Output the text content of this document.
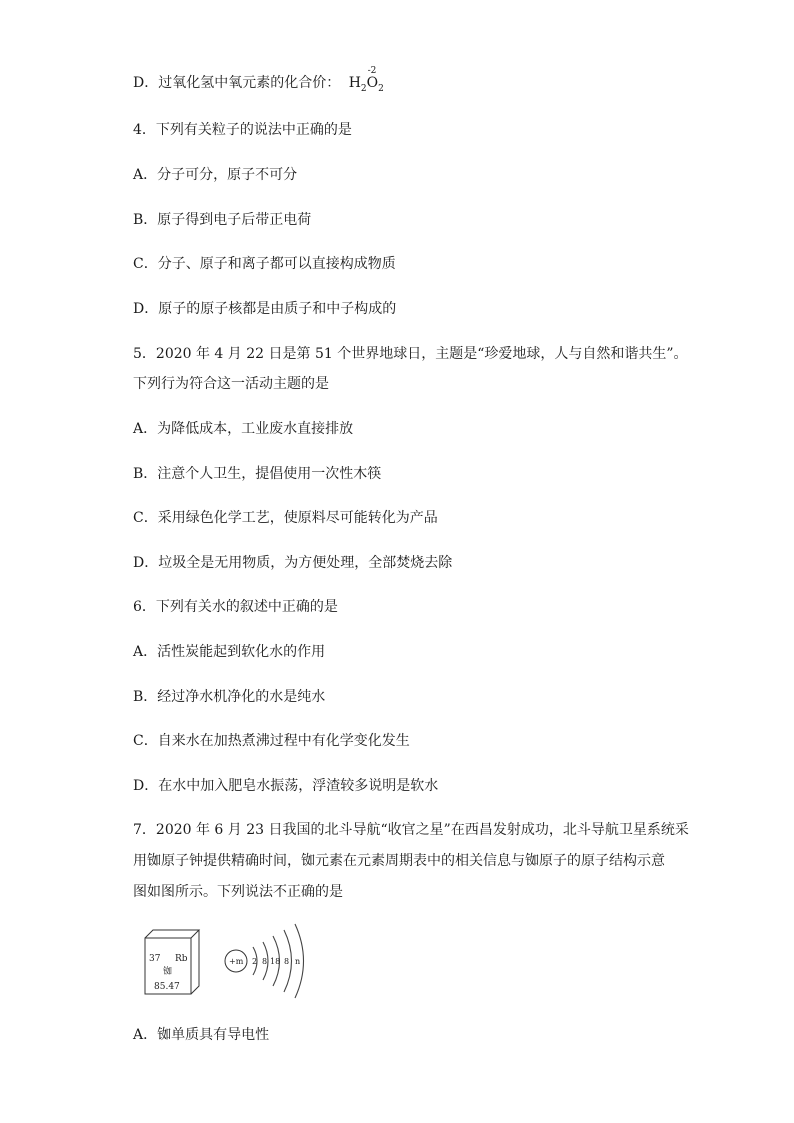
D．过氧化氢中氧元素的化合价： $H_2$
-2
$O_2$
4．下列有关粒子的说法中正确的是
A．分子可分，原子不可分
B．原子得到电子后带正电荷
C．分子、原子和离子都可以直接构成物质
D．原子的原子核都是由质子和中子构成的
5．2020 年 4 月 22 日是第 51 个世界地球日，主题是“珍爱地球，人与自然和谐共生”。
下列行为符合这一活动主题的是
A．为降低成本，工业废水直接排放
B．注意个人卫生，提倡使用一次性木筷
C．采用绿色化学工艺，使原料尽可能转化为产品
D．垃圾全是无用物质，为方便处理，全部焚烧去除
6．下列有关水的叙述中正确的是
A．活性炭能起到软化水的作用
B．经过净水机净化的水是纯水
C．自来水在加热煮沸过程中有化学变化发生
D．在水中加入肥皂水振荡，浮渣较多说明是软水
7．2020 年 6 月 23 日我国的北斗导航“收官之星”在西昌发射成功，北斗导航卫星系统采
用铷原子钟提供精确时间，铷元素在元素周期表中的相关信息与铷原子的原子结构示意
图如图所示。下列说法不正确的是
37 Rb
铷
85.47
+m 2 8 18 8 n
A．铷单质具有导电性
